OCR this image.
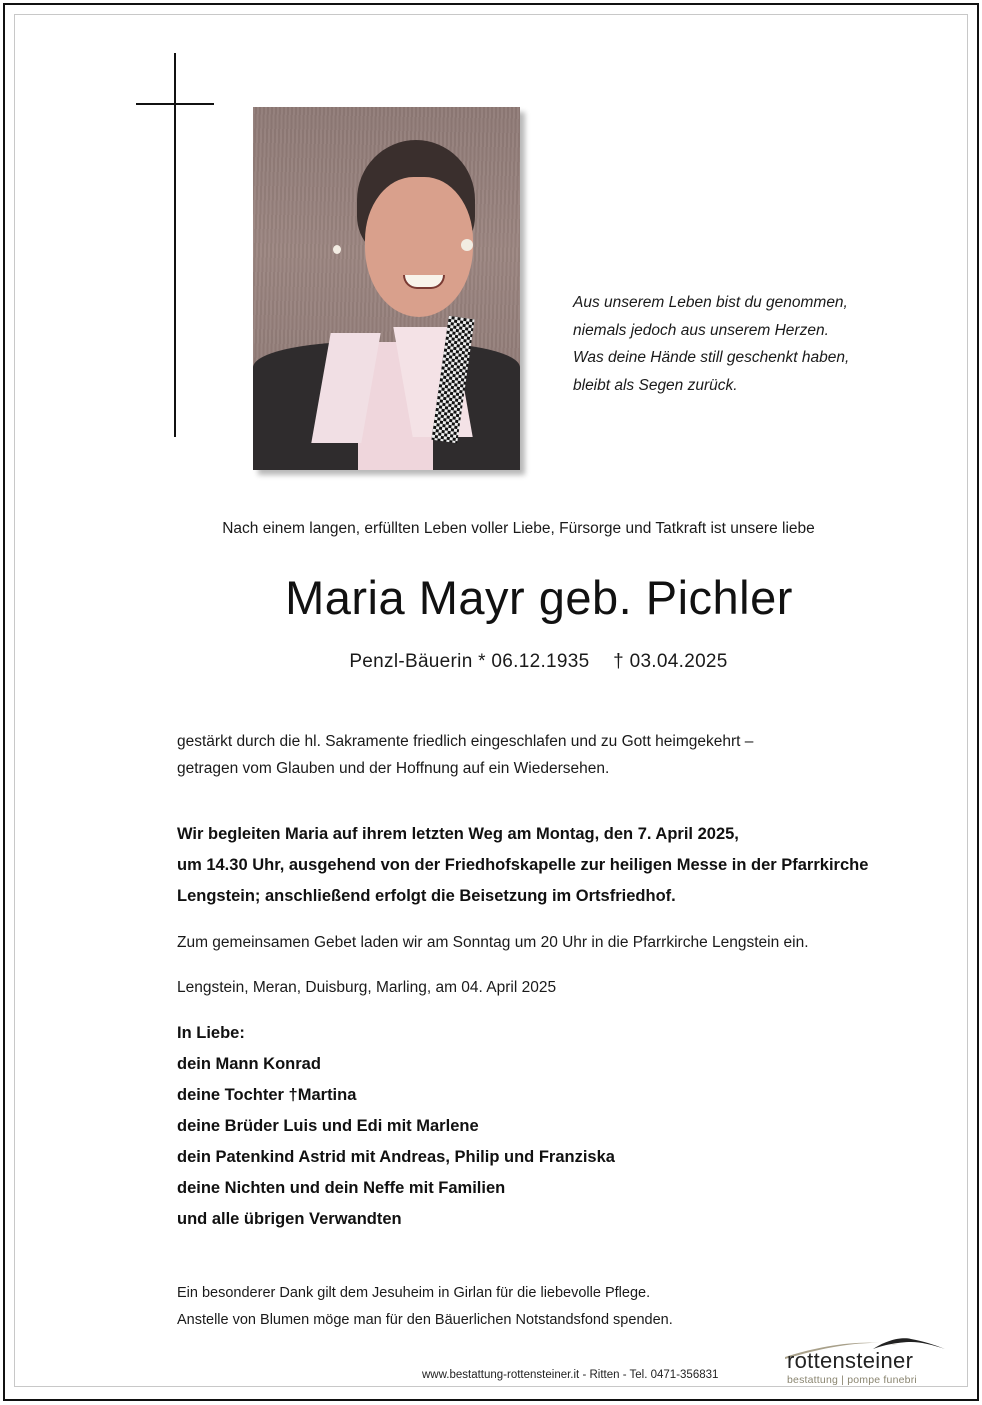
Aus unserem Leben bist du genommen,
niemals jedoch aus unserem Herzen.
Was deine Hände still geschenkt haben,
bleibt als Segen zurück.
Nach einem langen, erfüllten Leben voller Liebe, Fürsorge und Tatkraft ist unsere liebe
Maria Mayr geb. Pichler
Penzl-Bäuerin * 06.12.1935 † 03.04.2025
gestärkt durch die hl. Sakramente friedlich eingeschlafen und zu Gott heimgekehrt –
getragen vom Glauben und der Hoffnung auf ein Wiedersehen.
Wir begleiten Maria auf ihrem letzten Weg am Montag, den 7. April 2025,
um 14.30 Uhr, ausgehend von der Friedhofskapelle zur heiligen Messe in der Pfarrkirche
Lengstein; anschließend erfolgt die Beisetzung im Ortsfriedhof.
Zum gemeinsamen Gebet laden wir am Sonntag um 20 Uhr in die Pfarrkirche Lengstein ein.
Lengstein, Meran, Duisburg, Marling, am 04. April 2025
In Liebe:
dein Mann Konrad
deine Tochter †Martina
deine Brüder Luis und Edi mit Marlene
dein Patenkind Astrid mit Andreas, Philip und Franziska
deine Nichten und dein Neffe mit Familien
und alle übrigen Verwandten
Ein besonderer Dank gilt dem Jesuheim in Girlan für die liebevolle Pflege.
Anstelle von Blumen möge man für den Bäuerlichen Notstandsfond spenden.
www.bestattung-rottensteiner.it - Ritten - Tel. 0471-356831
rottensteiner
bestattung | pompe funebri
